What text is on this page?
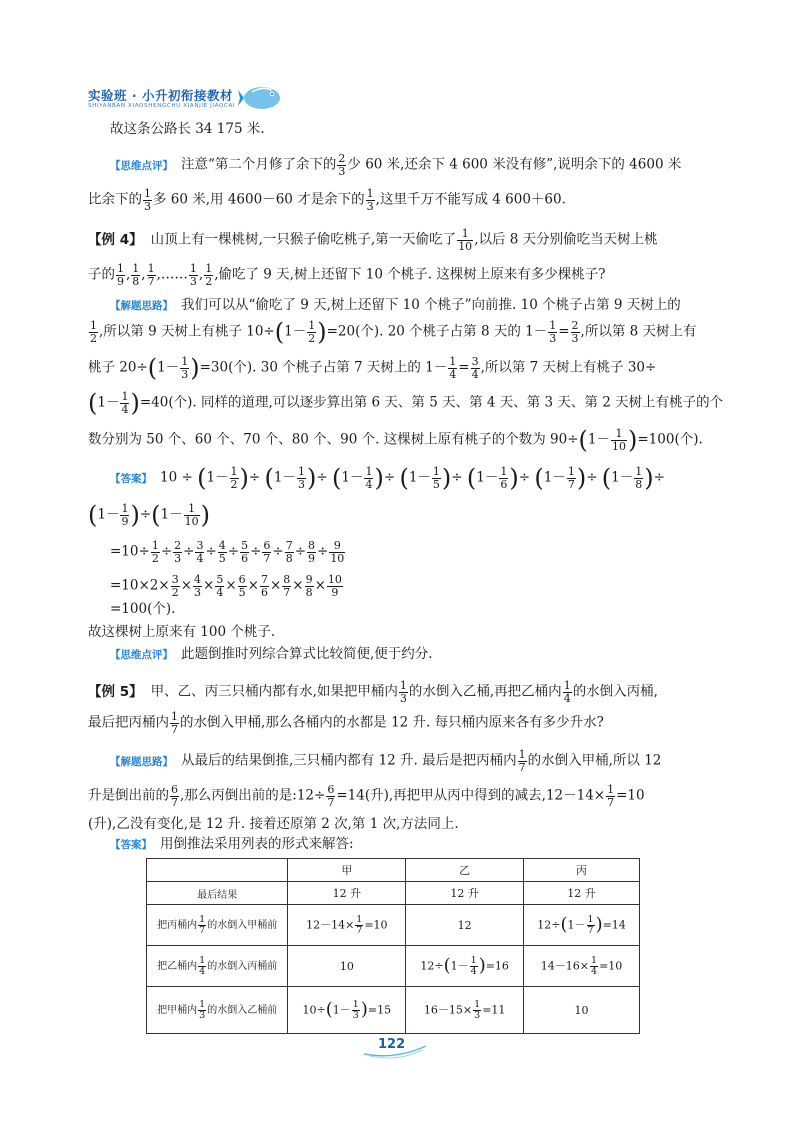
实验班 · 小升初衔接教材
SHIYANBAN XIAOSHENGCHU XIANJIE JIAOCAI
故这条公路长 34 175 米.
【思维点评】 注意“第二个月修了余下的 $\frac{2}{3}$ 少 60 米,还余下 4 600 米没有修”,说明余下的 4600 米
比余下的 $\frac{1}{3}$ 多 60 米,用 4600－60 才是余下的 $\frac{1}{3}$ ,这里千万不能写成 4 600＋60.
【例 4】 山顶上有一棵桃树,一只猴子偷吃桃子,第一天偷吃了 $\frac{1}{10}$ ,以后 8 天分别偷吃当天树上桃
子的 $\frac{1}{9}$ , $\frac{1}{8}$ , $\frac{1}{7}$ ,…… $\frac{1}{3}$ , $\frac{1}{2}$ ,偷吃了 9 天,树上还留下 10 个桃子. 这棵树上原来有多少棵桃子?
【解题思路】 我们可以从“偷吃了 9 天,树上还留下 10 个桃子”向前推. 10 个桃子占第 9 天树上的
$\frac{1}{2}$ ,所以第 9 天树上有桃子 $10\div(1- \frac{1}{2} )=20$(个). 20 个桃子占第 8 天的 $1- \frac{1}{3} = \frac{2}{3}$ ,所以第 8 天树上有
桃子 $20\div(1- \frac{1}{3} )=30$(个). 30 个桃子占第 7 天树上的 $1- \frac{1}{4} = \frac{3}{4}$ ,所以第 7 天树上有桃子 30÷
$(1- \frac{1}{4} )=40$(个). 同样的道理,可以逐步算出第 6 天、第 5 天、第 4 天、第 3 天、第 2 天树上有桃子的个
数分别为 50 个、60 个、70 个、80 个、90 个. 这棵树上原有桃子的个数为 $90\div(1- \frac{1}{10} )=100$(个).
【答案】 $10 \div (1- \frac{1}{2}$ )÷ ($1- \frac{1}{3}$ )÷ ($1- \frac{1}{4}$ )÷ ($1- \frac{1}{5}$ )÷ ($1- \frac{1}{6}$ )÷ ($1- \frac{1}{7}$ )÷ ($1- \frac{1}{8}$ )÷
$(1- \frac{1}{9} )\div(1- \frac{1}{10}$ )
$=10\div \frac{1}{2} \div \frac{2}{3} \div \frac{3}{4} \div \frac{4}{5} \div \frac{5}{6} \div \frac{6}{7} \div \frac{7}{8} \div \frac{8}{9} \div \frac{9}{10}$
$=10\times 2\times \frac{3}{2} \times \frac{4}{3} \times \frac{5}{4} \times \frac{6}{5} \times \frac{7}{6} \times \frac{8}{7} \times \frac{9}{8} \times \frac{10}{9}$
=100(个).
故这棵树上原来有 100 个桃子.
【思维点评】 此题倒推时列综合算式比较简便,便于约分.
【例 5】 甲、乙、丙三只桶内都有水,如果把甲桶内 $\frac{1}{3}$ 的水倒入乙桶,再把乙桶内 $\frac{1}{4}$ 的水倒入丙桶,
最后把丙桶内 $\frac{1}{7}$ 的水倒入甲桶,那么各桶内的水都是 12 升. 每只桶内原来各有多少升水?
【解题思路】 从最后的结果倒推,三只桶内都有 12 升. 最后是把丙桶内 $\frac{1}{7}$ 的水倒入甲桶,所以 12
升是倒出前的 $\frac{6}{7}$ ,那么丙倒出前的是:12÷ $\frac{6}{7} =14$(升),再把甲从丙中得到的减去$,12-14\times \frac{1}{7} =10$
(升),乙没有变化,是 12 升. 接着还原第 2 次,第 1 次,方法同上.
【答案】 用倒推法采用列表的形式来解答:
	甲	乙	丙
最后结果	12 升	12 升	12 升
把丙桶内 $\frac{1}{7}$ 的水倒入甲桶前	$12-14\times \frac{1}{7} =10$	12	$12\div(1- \frac{1}{7} )=14$
把乙桶内 $\frac{1}{4}$ 的水倒入丙桶前	10	$12\div(1- \frac{1}{4} )=16$	$14-16\times \frac{1}{4} =10$
把甲桶内 $\frac{1}{3}$ 的水倒入乙桶前	$10\div(1- \frac{1}{3} )=15$	$16-15\times \frac{1}{3} =11$	10
122
